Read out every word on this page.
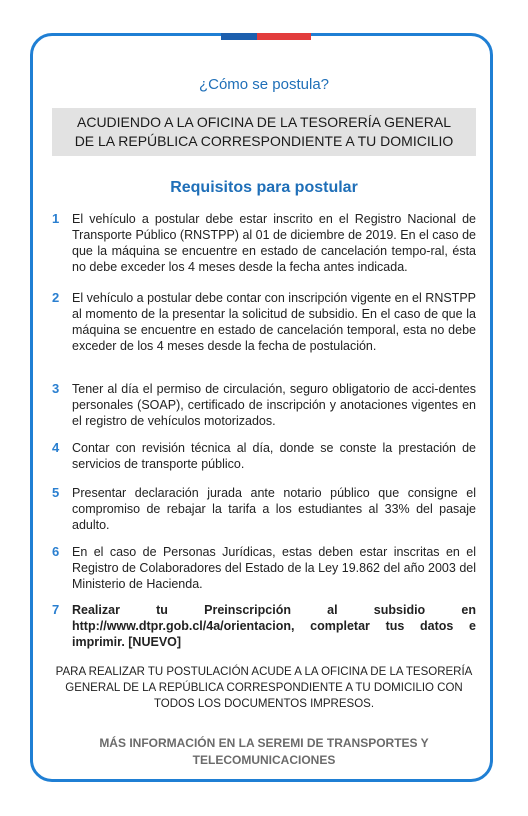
¿Cómo se postula?
ACUDIENDO A LA OFICINA DE LA TESORERÍA GENERAL
DE LA REPÚBLICA CORRESPONDIENTE A TU DOMICILIO
Requisitos para postular
1 El vehículo a postular debe estar inscrito en el Registro Nacional de Transporte Público (RNSTPP) al 01 de diciembre de 2019. En el caso de que la máquina se encuentre en estado de cancelación tempo-ral, ésta no debe exceder los 4 meses desde la fecha antes indicada.
2 El vehículo a postular debe contar con inscripción vigente en el RNSTPP al momento de la presentar la solicitud de subsidio. En el caso de que la máquina se encuentre en estado de cancelación temporal, esta no debe exceder de los 4 meses desde la fecha de postulación.
3 Tener al día el permiso de circulación, seguro obligatorio de acci-dentes personales (SOAP), certificado de inscripción y anotaciones vigentes en el registro de vehículos motorizados.
4 Contar con revisión técnica al día, donde se conste la prestación de servicios de transporte público.
5 Presentar declaración jurada ante notario público que consigne el compromiso de rebajar la tarifa a los estudiantes al 33% del pasaje adulto.
6 En el caso de Personas Jurídicas, estas deben estar inscritas en el Registro de Colaboradores del Estado de la Ley 19.862 del año 2003 del Ministerio de Hacienda.
7 Realizar tu Preinscripción al subsidio en http://www.dtpr.gob.cl/4a/orientacion, completar tus datos e imprimir. [NUEVO]
PARA REALIZAR TU POSTULACIÓN ACUDE A LA OFICINA DE LA TESORERÍA GENERAL DE LA REPÚBLICA CORRESPONDIENTE A TU DOMICILIO CON TODOS LOS DOCUMENTOS IMPRESOS.
MÁS INFORMACIÓN EN LA SEREMI DE TRANSPORTES Y TELECOMUNICACIONES
